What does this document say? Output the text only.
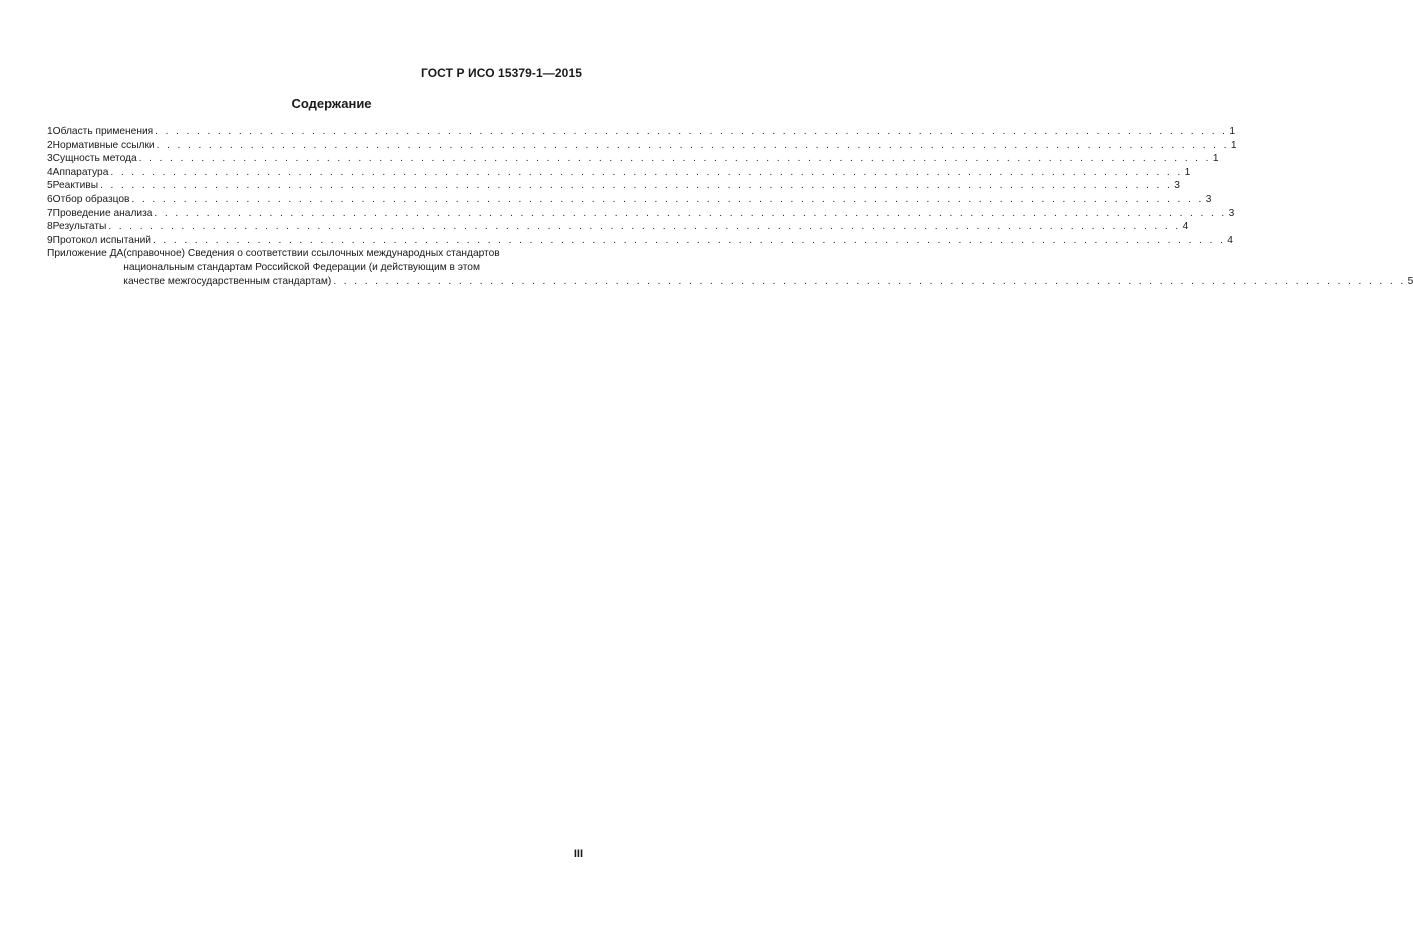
ГОСТ Р ИСО 15379-1—2015
Содержание
1 Область применения . . .	1
2 Нормативные ссылки . . .	1
3 Сущность метода . . .	1
4 Аппаратура . . .	1
5 Реактивы . . .	3
6 Отбор образцов . . .	3
7 Проведение анализа . . .	3
8 Результаты . . .	4
9 Протокол испытаний . . .	4
Приложение ДА (справочное) Сведения о соответствии ссылочных международных стандартов
национальным стандартам Российской Федерации (и действующим в этом
качестве межгосударственным стандартам) . . .	5
III
